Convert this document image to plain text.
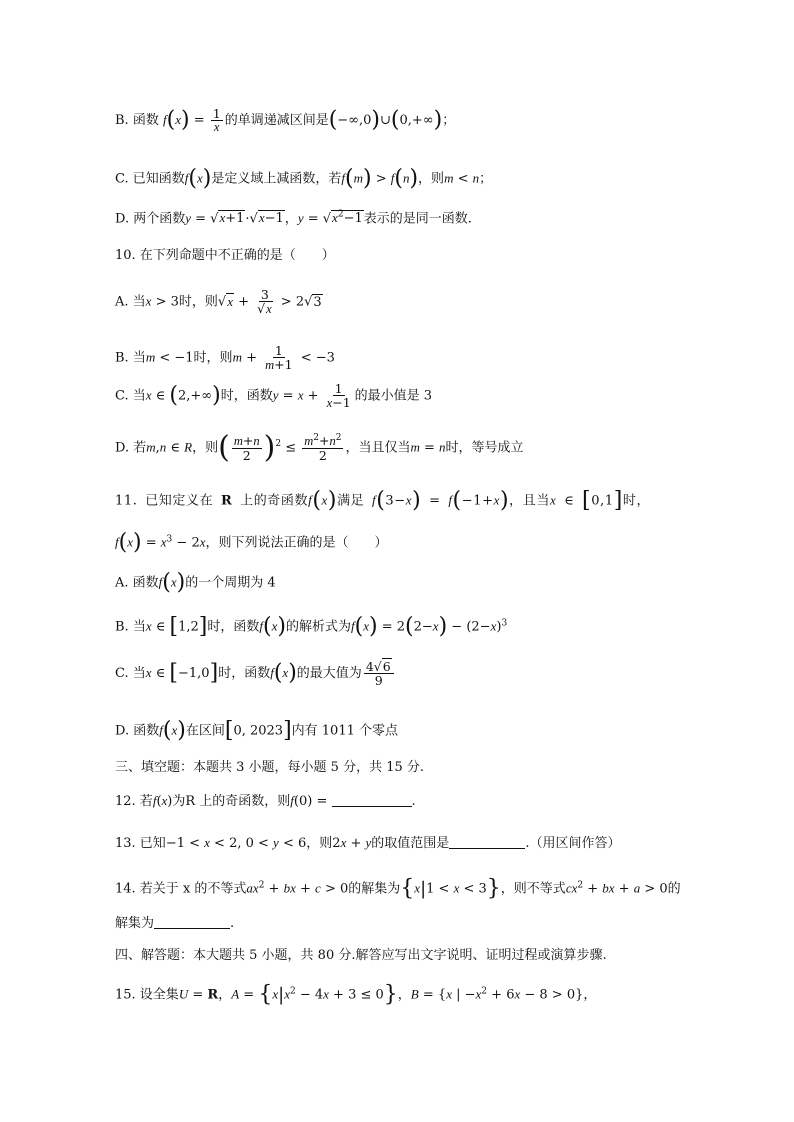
B. 函数 $f(x) = \frac{1}{x}$ 的单调递减区间是(−∞,0)∪(0,+∞)；
C. 已知函数f(x)是定义域上减函数，若f(m) > f(n)，则m < n；
D. 两个函数y = √x+1·√x−1，$y = √x^2-1$表示的是同一函数.
10. 在下列命题中不正确的是（　　）
A. 当x > 3时，则$√x + \frac{3}{√x} > 2√3$
B. 当m < −1时，则$m + \frac{1}{m+1} < -3$
C. 当x ∈ (2,+∞)时，函数$y = x + \frac{1}{x-1}$ 的最小值是 3
D. 若m,n ∈ R，则( $\frac{m+n}{2} )^2 \le \frac{m^2+n^2}{2}$ ，当且仅当m = n时，等号成立
11. 已知定义在 R 上的奇函数f(x)满足 f(3−x) = f(−1+x)，且当x ∈ [0,1]时，
$f(x) = x^3 - 2x$，则下列说法正确的是（　　）
A. 函数f(x)的一个周期为 4
B. 当x ∈ [1,2]时，函数f(x)的解析式为$f(x) = 2(2-x) - (2-x)^3$
C. 当x ∈ [−1,0]时，函数f(x)的最大值为 $\frac{4√6}{9}$
D. 函数f(x)在区间[0, 2023]内有 1011 个零点
三、填空题：本题共 3 小题，每小题 5 分，共 15 分.
12. 若f(x)为R 上的奇函数，则f(0) =	.
13. 已知−1 < x < 2, 0 < y < 6，则2x + y的取值范围是	.（用区间作答）
14. 若关于 x 的不等式$ax^2$ + bx + c > 0的解集为{x|1 < x < 3}，则不等式$cx^2$ + bx + a > 0的
解集为	.
四、解答题：本大题共 5 小题，共 80 分.解答应写出文字说明、证明过程或演算步骤.
15. 设全集U = R，$A = \{x|x^2 - 4x + 3 \le 0\}$，B = {x | $-x^2 + 6x - 8 > 0$}，
